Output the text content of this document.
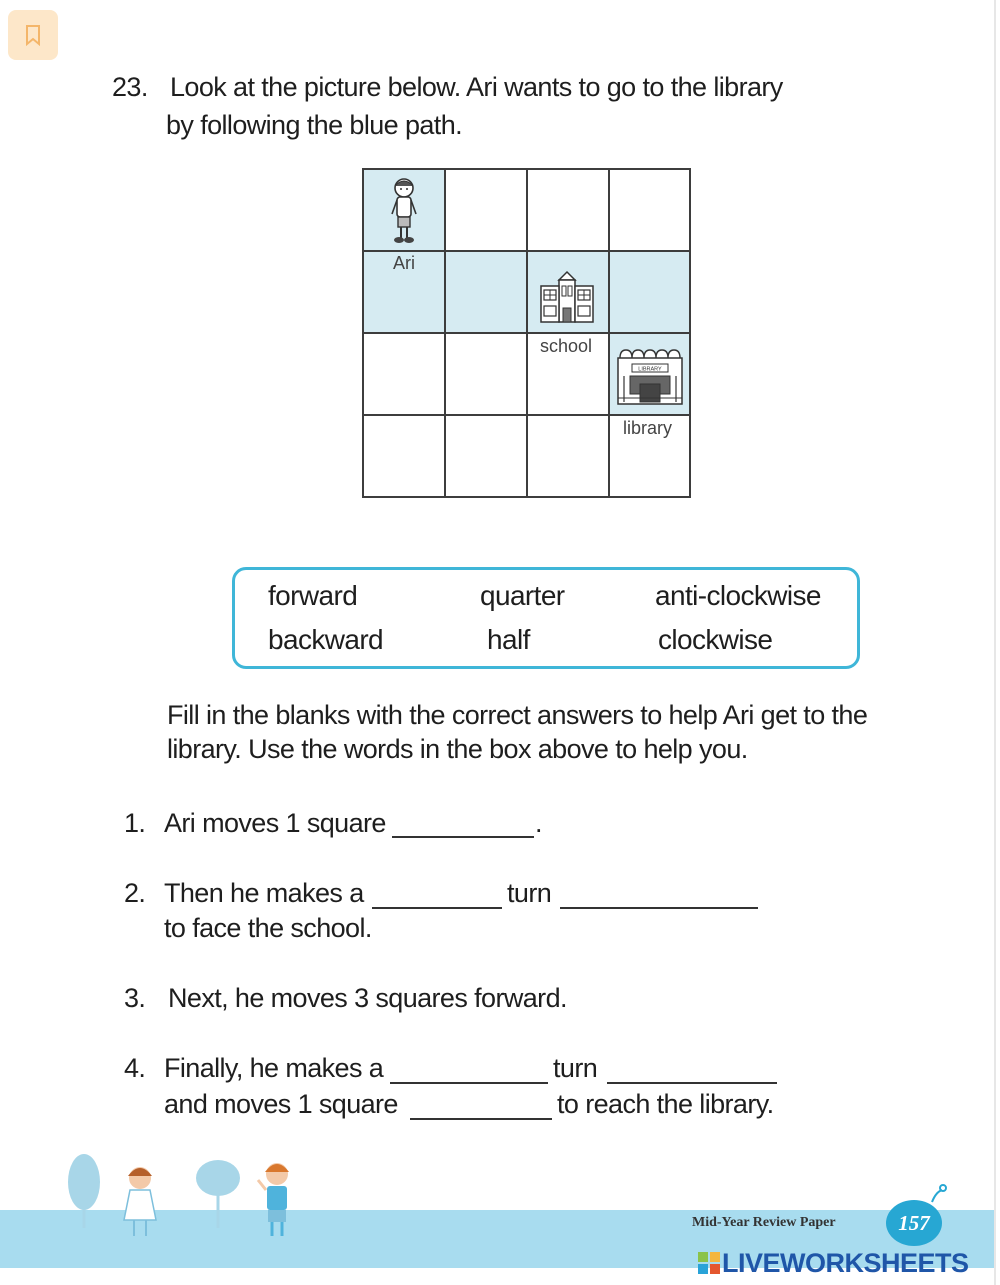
23. Look at the picture below. Ari wants to go to the library
by following the blue path.
Ari
school
LIBRARY
library
forward	quarter	anti-clockwise
backward	half	clockwise
Fill in the blanks with the correct answers to help Ari get to the
library. Use the words in the box above to help you.
1. Ari moves 1 square	.
2. Then he makes a	turn
to face the school.
3. Next, he moves 3 squares forward.
4. Finally, he makes a	turn
and moves 1 square	to reach the library.
Mid-Year Review Paper	157
LIVEWORKSHEETS
